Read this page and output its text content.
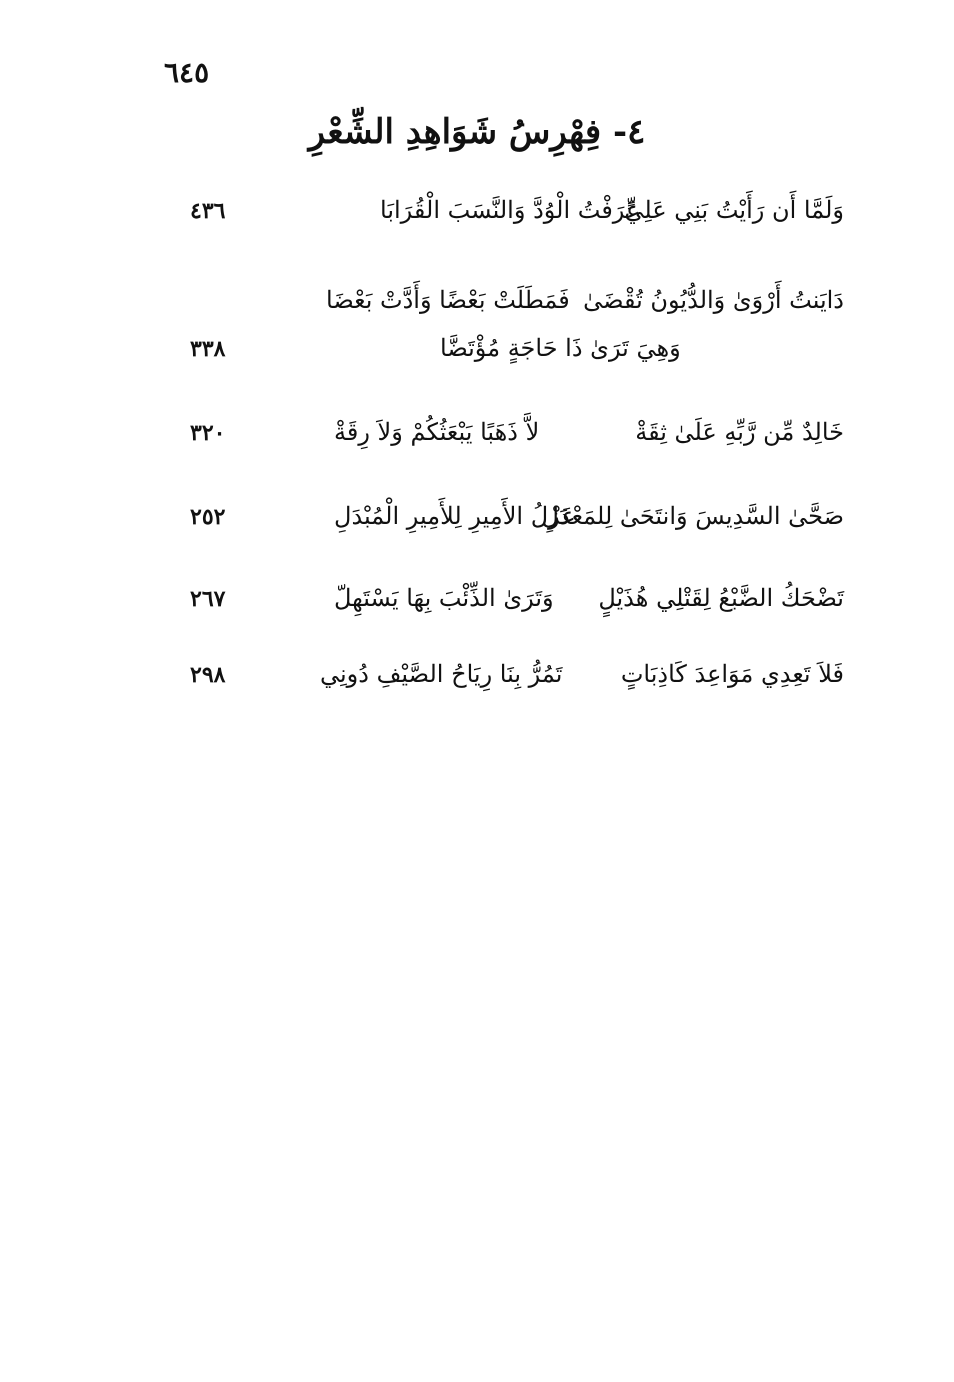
٦٤٥
٤- فِهْرِسُ شَوَاهِدِ الشِّعْرِ
وَلَمَّا أَن رَأَيْتُ بَنِي عَلِيٍّ
عَرَفْتُ الْوُدَّ وَالنَّسَبَ الْقُرَابَا
٤٣٦
دَايَنتُ أَرْوَىٰ وَالدُّيُونُ تُقْضَىٰ
فَمَطَلَتْ بَعْضًا وَأَدَّتْ بَعْضَا
وَهِيَ تَرَىٰ ذَا حَاجَةٍ مُؤْتَضَّا
٣٣٨
خَالِدٌ مِّن رَّبِّهِ عَلَىٰ ثِقَةْ
لاَّ ذَهَبًا يَبْعَثُكُمْ وَلاَ رِقَةْ
٣٢٠
صَحَّىٰ السَّدِيسَ وَانتَحَىٰ لِلمَعْدَلِ
عَزْلُ الأَمِيرِ لِلأَمِيرِ الْمُبْدَلِ
٢٥٢
تَضْحَكُ الضَّبْعُ لِقَتْلِي هُذَيْلٍ
وَتَرَىٰ الذِّئْبَ بِهَا يَسْتَهِلّ
٢٦٧
فَلاَ تَعِدِي مَوَاعِدَ كَاذِبَاتٍ
تَمُرُّ بِنَا رِيَاحُ الصَّيْفِ دُونِي
٢٩٨
